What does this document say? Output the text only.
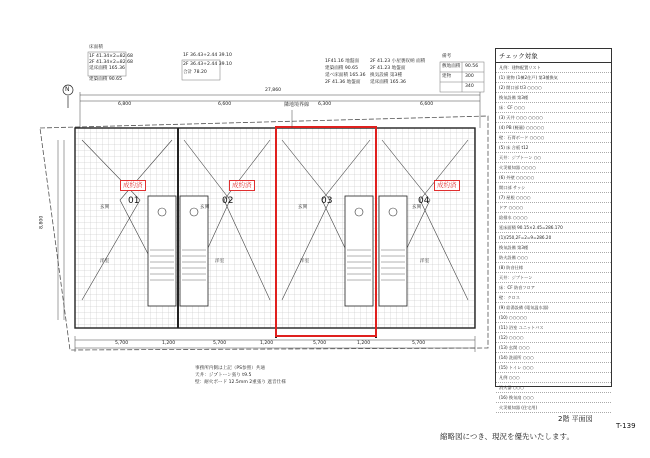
床面積
1F 41.34×2=82.68
2F 41.34×2=82.68
延床面積 165.36
建築面積 90.65
1F 36.43+2.44 39.10
2F 36.43+2.44 39.10
合計 78.20
1F41.16 地盤面
建築面積 90.65
延べ床面積 165.36
2F 41.36 地盤面
2F 41.23 小屋裏収納 面積
2F 41.23 地盤面
換気設備 第3種
延床面積 165.36
備考
敷地面積 90.56
建物	300
340
N	27,860
6,800	6,600	6,300	6,600
8,800
隣地境界線
01	02	03	04
成約済	成約済	成約済
玄関	玄関	玄関	玄関
洋室	洋室	洋室	洋室
5,700	1,200	5,700	1,200	5,700	1,200	5,700
事務所内側は上記（PS参照）共通
天井：ジプトーン張り t9.5
壁：耐火ボード 12.5mm 2重張り 遮音仕様
チェック対象
凡例：建物配置リスト
(1) 建物 (1棟2住戸) 第3種換気
(2) 開口部 t/3 ○○○○
換気設備 第3種
床：CF ○○○
(3) 天井 ○○○ ○○○○
(4) PB (軽量) ○○○○○
壁：石膏ボード ○○○○
(5) 床 合板 t12
天井：ジプトーン ○○
火災報知器 ○○○○
(6) 外壁 ○○○○○
開口部 サッシ
(7) 屋根 ○○○○
ドア ○○○○
給排水 ○○○○
延床面積 90.15×2.45=286.170
(1)/250,2F=2=9=286.20
換気設備 第3種
防火設備 ○○○
(8) 防音仕様
天井：ジプトーン
床：CF 防音フロア
壁：クロス
(9) 給湯設備 (電気温水器)
(10) ○○○○○
(11) 浴室 ユニットバス
(12) ○○○○
(13) 玄関 ○○○
(14) 洗面所 ○○○
(15) トイレ ○○○
凡例 ○○○
消火器 ○○○
(16) 換気扇 ○○○
火災報知器 (住宅用)
2階 平面図
T-139
縮略図につき、現況を優先いたします。
